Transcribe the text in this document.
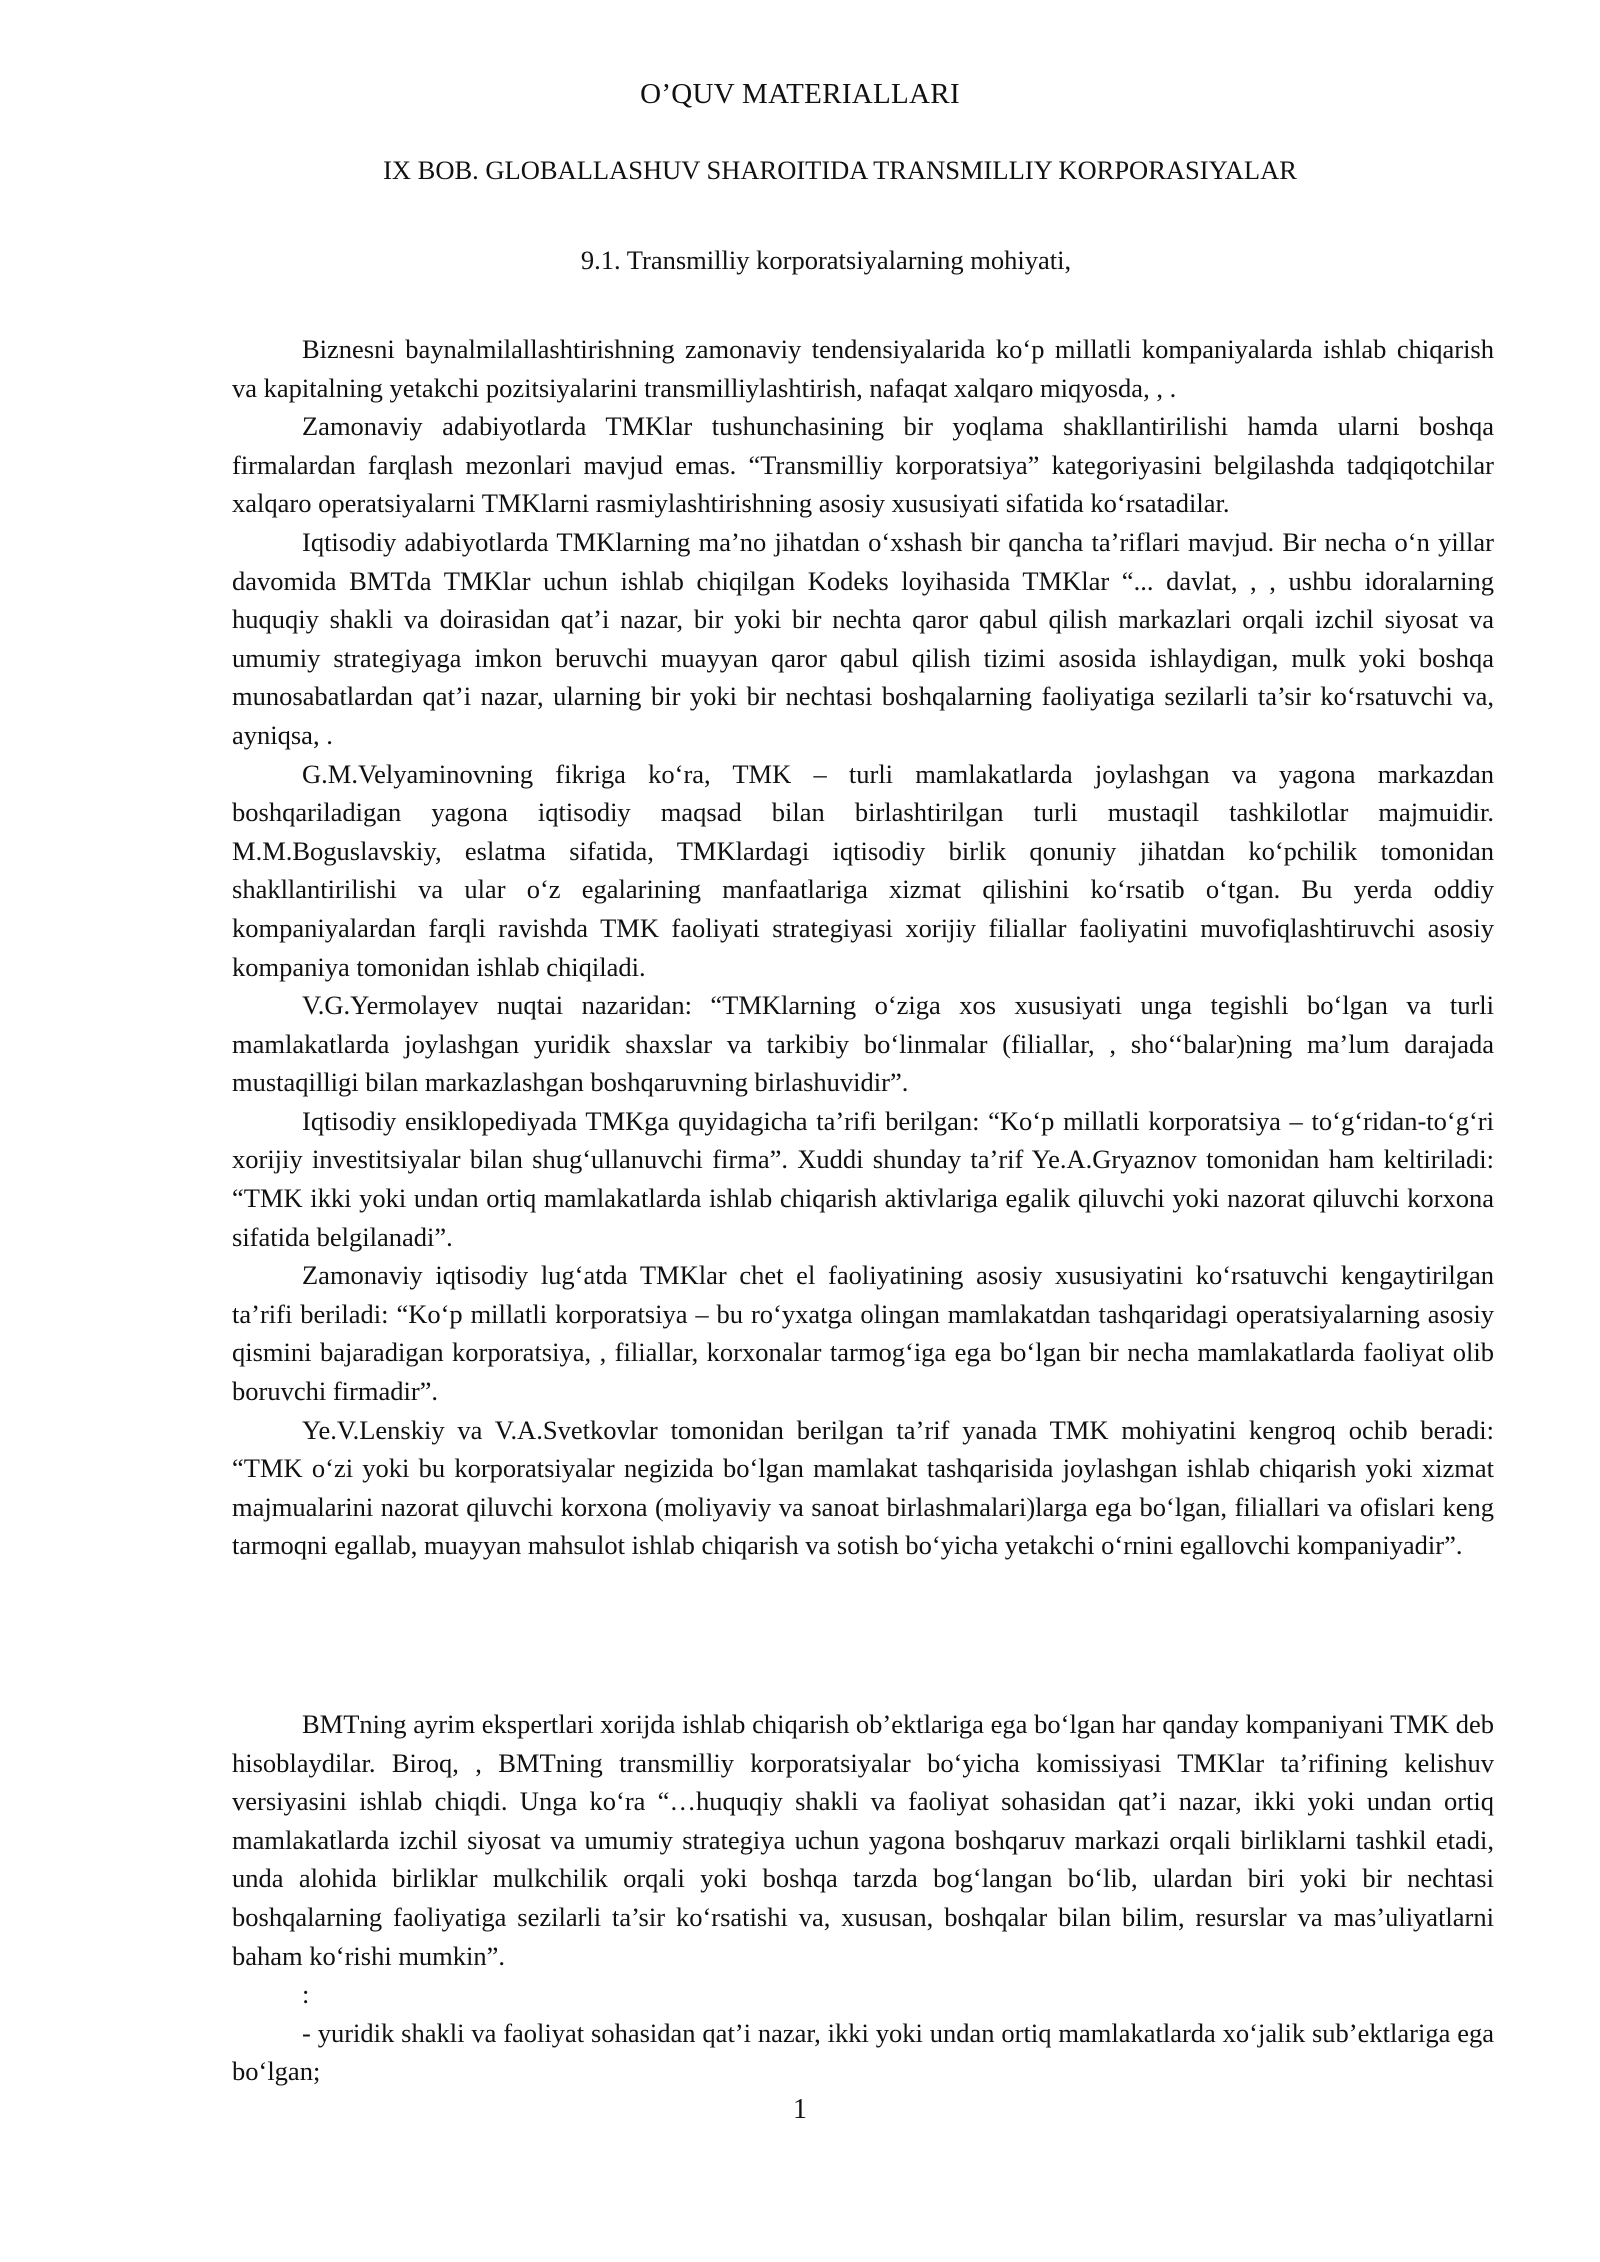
O’QUV MATERIALLARI
IX BOB. GLOBALLASHUV SHAROITIDA TRANSMILLIY KORPORASIYALAR
9.1. Transmilliy korporatsiyalarning mohiyati,

Biznesni baynalmilallashtirishning zamonaviy tendensiyalarida ko‘p millatli kompaniyalarda ishlab chiqarish va kapitalning yetakchi pozitsiyalarini transmilliylashtirish, nafaqat xalqaro miqyosda, , .

Zamonaviy adabiyotlarda TMKlar tushunchasining bir yoqlama shakllantirilishi hamda ularni boshqa firmalardan farqlash mezonlari mavjud emas. “Transmilliy korporatsiya” kategoriyasini belgilashda tadqiqotchilar xalqaro operatsiyalarni TMKlarni rasmiylashtirishning asosiy xususiyati sifatida ko‘rsatadilar.

Iqtisodiy adabiyotlarda TMKlarning ma’no jihatdan o‘xshash bir qancha ta’riflari mavjud. Bir necha o‘n yillar davomida BMTda TMKlar uchun ishlab chiqilgan Kodeks loyihasida TMKlar “... davlat, , , ushbu idoralarning huquqiy shakli va doirasidan qat’i nazar, bir yoki bir nechta qaror qabul qilish markazlari orqali izchil siyosat va umumiy strategiyaga imkon beruvchi muayyan qaror qabul qilish tizimi asosida ishlaydigan, mulk yoki boshqa munosabatlardan qat’i nazar, ularning bir yoki bir nechtasi boshqalarning faoliyatiga sezilarli ta’sir ko‘rsatuvchi va, ayniqsa, .

G.M.Velyaminovning fikriga ko‘ra, TMK – turli mamlakatlarda joylashgan va yagona markazdan boshqariladigan yagona iqtisodiy maqsad bilan birlashtirilgan turli mustaqil tashkilotlar majmuidir. M.M.Boguslavskiy, eslatma sifatida, TMKlardagi iqtisodiy birlik qonuniy jihatdan ko‘pchilik tomonidan shakllantirilishi va ular o‘z egalarining manfaatlariga xizmat qilishini ko‘rsatib o‘tgan. Bu yerda oddiy kompaniyalardan farqli ravishda TMK faoliyati strategiyasi xorijiy filiallar faoliyatini muvofiqlashtiruvchi asosiy kompaniya tomonidan ishlab chiqiladi.

V.G.Yermolayev nuqtai nazaridan: “TMKlarning o‘ziga xos xususiyati unga tegishli bo‘lgan va turli mamlakatlarda joylashgan yuridik shaxslar va tarkibiy bo‘linmalar (filiallar, , sho‘‘balar)ning ma’lum darajada mustaqilligi bilan markazlashgan boshqaruvning birlashuvidir”.

Iqtisodiy ensiklopediyada TMKga quyidagicha ta’rifi berilgan: “Ko‘p millatli korporatsiya – to‘g‘ridan-to‘g‘ri xorijiy investitsiyalar bilan shug‘ullanuvchi firma”. Xuddi shunday ta’rif Ye.A.Gryaznov tomonidan ham keltiriladi: “TMK ikki yoki undan ortiq mamlakatlarda ishlab chiqarish aktivlariga egalik qiluvchi yoki nazorat qiluvchi korxona sifatida belgilanadi”.

Zamonaviy iqtisodiy lug‘atda TMKlar chet el faoliyatining asosiy xususiyatini ko‘rsatuvchi kengaytirilgan ta’rifi beriladi: “Ko‘p millatli korporatsiya – bu ro‘yxatga olingan mamlakatdan tashqaridagi operatsiyalarning asosiy qismini bajaradigan korporatsiya, , filiallar, korxonalar tarmog‘iga ega bo‘lgan bir necha mamlakatlarda faoliyat olib boruvchi firmadir”.

Ye.V.Lenskiy va V.A.Svetkovlar tomonidan berilgan ta’rif yanada TMK mohiyatini kengroq ochib beradi: “TMK o‘zi yoki bu korporatsiyalar negizida bo‘lgan mamlakat tashqarisida joylashgan ishlab chiqarish yoki xizmat majmualarini nazorat qiluvchi korxona (moliyaviy va sanoat birlashmalari)larga ega bo‘lgan, filiallari va ofislari keng tarmoqni egallab, muayyan mahsulot ishlab chiqarish va sotish bo‘yicha yetakchi o‘rnini egallovchi kompaniyadir”.

BMTning ayrim ekspertlari xorijda ishlab chiqarish ob’ektlariga ega bo‘lgan har qanday kompaniyani TMK deb hisoblaydilar. Biroq, , BMTning transmilliy korporatsiyalar bo‘yicha komissiyasi TMKlar ta’rifining kelishuv versiyasini ishlab chiqdi. Unga ko‘ra “…huquqiy shakli va faoliyat sohasidan qat’i nazar, ikki yoki undan ortiq mamlakatlarda izchil siyosat va umumiy strategiya uchun yagona boshqaruv markazi orqali birliklarni tashkil etadi, unda alohida birliklar mulkchilik orqali yoki boshqa tarzda bog‘langan bo‘lib, ulardan biri yoki bir nechtasi boshqalarning faoliyatiga sezilarli ta’sir ko‘rsatishi va, xususan, boshqalar bilan bilim, resurslar va mas’uliyatlarni baham ko‘rishi mumkin”.

:

- yuridik shakli va faoliyat sohasidan qat’i nazar, ikki yoki undan ortiq mamlakatlarda xo‘jalik sub’ektlariga ega bo‘lgan;

1
